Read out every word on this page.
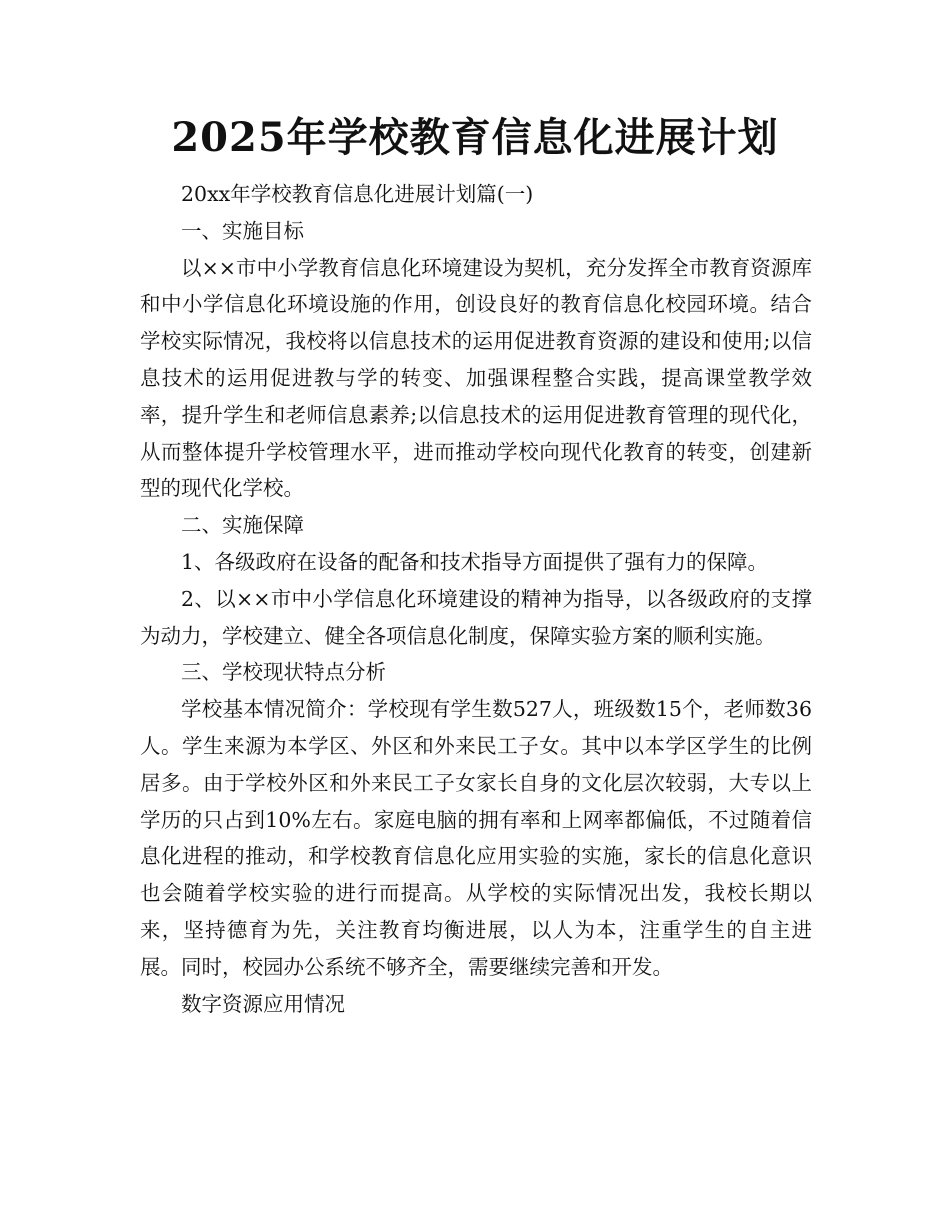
2025年学校教育信息化进展计划

20xx年学校教育信息化进展计划篇(一)

一、实施目标

以××市中小学教育信息化环境建设为契机，充分发挥全市教育资源库和中小学信息化环境设施的作用，创设良好的教育信息化校园环境。结合学校实际情况，我校将以信息技术的运用促进教育资源的建设和使用;以信息技术的运用促进教与学的转变、加强课程整合实践，提高课堂教学效率，提升学生和老师信息素养;以信息技术的运用促进教育管理的现代化，从而整体提升学校管理水平，进而推动学校向现代化教育的转变，创建新型的现代化学校。

二、实施保障

1、各级政府在设备的配备和技术指导方面提供了强有力的保障。

2、以××市中小学信息化环境建设的精神为指导，以各级政府的支撑为动力，学校建立、健全各项信息化制度，保障实验方案的顺利实施。

三、学校现状特点分析

学校基本情况简介：学校现有学生数527人，班级数15个，老师数36人。学生来源为本学区、外区和外来民工子女。其中以本学区学生的比例居多。由于学校外区和外来民工子女家长自身的文化层次较弱，大专以上学历的只占到10%左右。家庭电脑的拥有率和上网率都偏低，不过随着信息化进程的推动，和学校教育信息化应用实验的实施，家长的信息化意识也会随着学校实验的进行而提高。从学校的实际情况出发，我校长期以来，坚持德育为先，关注教育均衡进展，以人为本，注重学生的自主进展。同时，校园办公系统不够齐全，需要继续完善和开发。

数字资源应用情况
